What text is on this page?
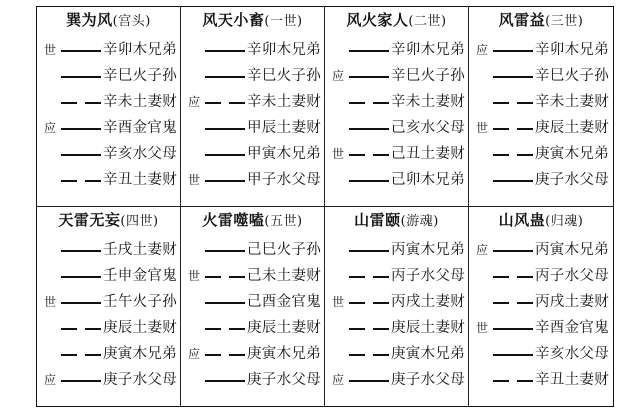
巽为风(宫头)
世	辛卯木兄弟
辛巳火子孙
辛未土妻财
应	辛酉金官鬼
辛亥水父母
辛丑土妻财
风天小畜(一世)
辛卯木兄弟
辛巳火子孙
应	辛未土妻财
甲辰土妻财
甲寅木兄弟
世	甲子水父母
风火家人(二世)
辛卯木兄弟
应	辛巳火子孙
辛未土妻财
己亥水父母
世	己丑土妻财
己卯木兄弟
风雷益(三世)
应	辛卯木兄弟
辛巳火子孙
辛未土妻财
世	庚辰土妻财
庚寅木兄弟
庚子水父母
天雷无妄(四世)
壬戌土妻财
壬申金官鬼
世	壬午火子孙
庚辰土妻财
庚寅木兄弟
应	庚子水父母
火雷噬嗑(五世)
己巳火子孙
世	己未土妻财
己酉金官鬼
庚辰土妻财
应	庚寅木兄弟
庚子水父母
山雷颐(游魂)
丙寅木兄弟
丙子水父母
世	丙戌土妻财
庚辰土妻财
庚寅木兄弟
应	庚子水父母
山风蛊(归魂)
应	丙寅木兄弟
丙子水父母
丙戌土妻财
世	辛酉金官鬼
辛亥水父母
辛丑土妻财
